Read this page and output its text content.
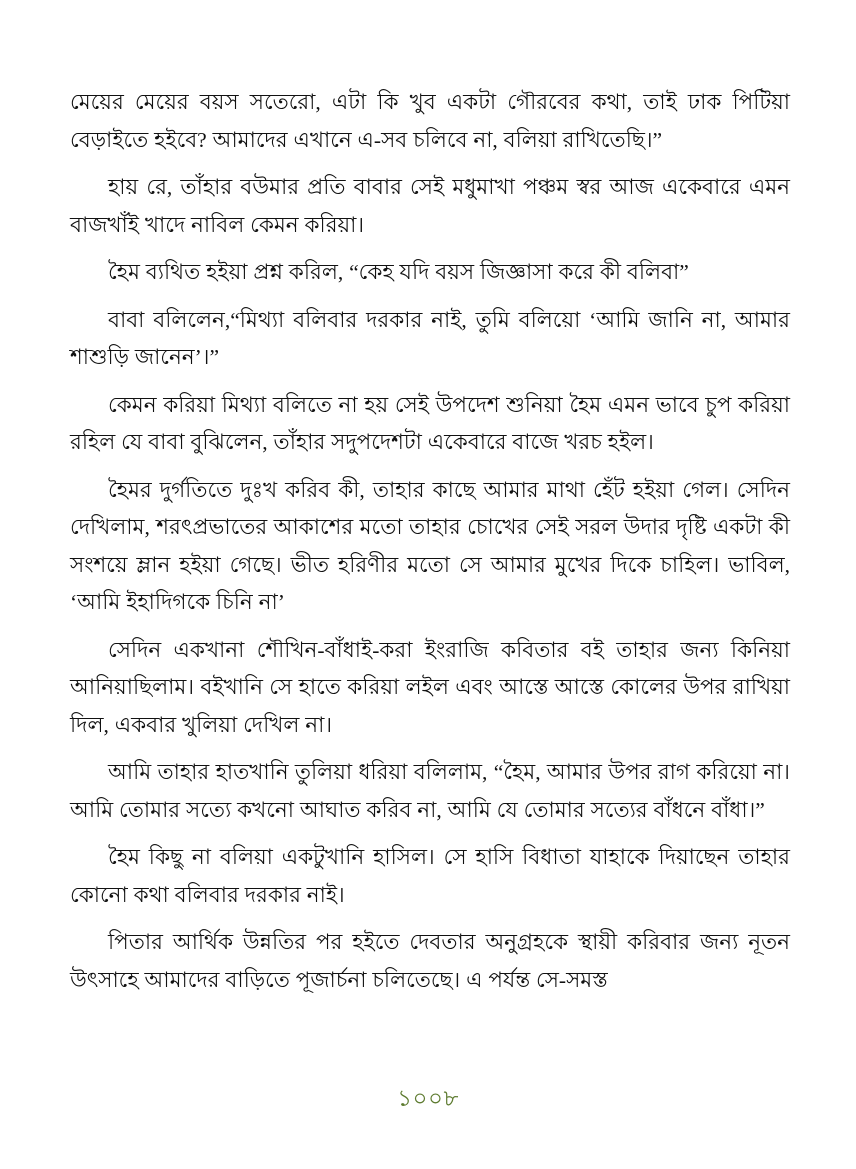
মেয়ের মেয়ের বয়স সতেরো, এটা কি খুব একটা গৌরবের কথা, তাই ঢাক পিটিয়া বেড়াইতে হইবে? আমাদের এখানে এ-সব চলিবে না, বলিয়া রাখিতেছি।”

হায় রে, তাঁহার বউমার প্রতি বাবার সেই মধুমাখা পঞ্চম স্বর আজ একেবারে এমন বাজখাঁই খাদে নাবিল কেমন করিয়া।

হৈম ব্যথিত হইয়া প্রশ্ন করিল, “কেহ যদি বয়স জিজ্ঞাসা করে কী বলিবা”

বাবা বলিলেন,“মিথ্যা বলিবার দরকার নাই, তুমি বলিয়ো ‘আমি জানি না, আমার শাশুড়ি জানেন’।”

কেমন করিয়া মিথ্যা বলিতে না হয় সেই উপদেশ শুনিয়া হৈম এমন ভাবে চুপ করিয়া রহিল যে বাবা বুঝিলেন, তাঁহার সদুপদেশটা একেবারে বাজে খরচ হইল।

হৈমর দুর্গতিতে দুঃখ করিব কী, তাহার কাছে আমার মাথা হেঁট হইয়া গেল। সেদিন দেখিলাম, শরৎপ্রভাতের আকাশের মতো তাহার চোখের সেই সরল উদার দৃষ্টি একটা কী সংশয়ে ম্লান হইয়া গেছে। ভীত হরিণীর মতো সে আমার মুখের দিকে চাহিল। ভাবিল, ‘আমি ইহাদিগকে চিনি না’

সেদিন একখানা শৌখিন-বাঁধাই-করা ইংরাজি কবিতার বই তাহার জন্য কিনিয়া আনিয়াছিলাম। বইখানি সে হাতে করিয়া লইল এবং আস্তে আস্তে কোলের উপর রাখিয়া দিল, একবার খুলিয়া দেখিল না।

আমি তাহার হাতখানি তুলিয়া ধরিয়া বলিলাম, “হৈম, আমার উপর রাগ করিয়ো না। আমি তোমার সত্যে কখনো আঘাত করিব না, আমি যে তোমার সত্যের বাঁধনে বাঁধা।”

হৈম কিছু না বলিয়া একটুখানি হাসিল। সে হাসি বিধাতা যাহাকে দিয়াছেন তাহার কোনো কথা বলিবার দরকার নাই।

পিতার আর্থিক উন্নতির পর হইতে দেবতার অনুগ্রহকে স্থায়ী করিবার জন্য নূতন উৎসাহে আমাদের বাড়িতে পূজার্চনা চলিতেছে। এ পর্যন্ত সে-সমস্ত

১০০৮
